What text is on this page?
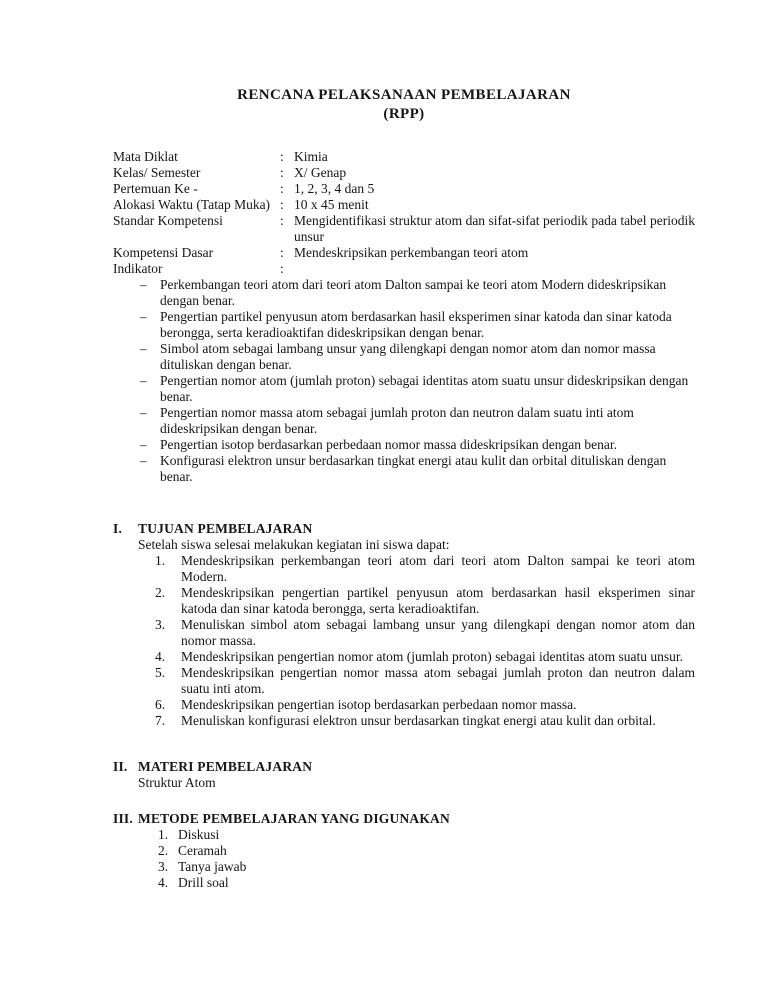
RENCANA PELAKSANAAN PEMBELAJARAN
(RPP)
Mata Diklat	: Kimia
Kelas/ Semester	: X/ Genap
Pertemuan Ke -	: 1, 2, 3, 4 dan 5
Alokasi Waktu (Tatap Muka) : 10 x 45 menit
Standar Kompetensi	: Mengidentifikasi struktur atom dan sifat-sifat periodik pada tabel periodik unsur
Kompetensi Dasar	: Mendeskripsikan perkembangan teori atom
Indikator	:
– Perkembangan teori atom dari teori atom Dalton sampai ke teori atom Modern dideskripsikan dengan benar.
– Pengertian partikel penyusun atom berdasarkan hasil eksperimen sinar katoda dan sinar katoda berongga, serta keradioaktifan dideskripsikan dengan benar.
– Simbol atom sebagai lambang unsur yang dilengkapi dengan nomor atom dan nomor massa dituliskan dengan benar.
– Pengertian nomor atom (jumlah proton) sebagai identitas atom suatu unsur dideskripsikan dengan benar.
– Pengertian nomor massa atom sebagai jumlah proton dan neutron dalam suatu inti atom dideskripsikan dengan benar.
– Pengertian isotop berdasarkan perbedaan nomor massa dideskripsikan dengan benar.
– Konfigurasi elektron unsur berdasarkan tingkat energi atau kulit dan orbital dituliskan dengan benar.
I.	TUJUAN PEMBELAJARAN
Setelah siswa selesai melakukan kegiatan ini siswa dapat:
1.	Mendeskripsikan perkembangan teori atom dari teori atom Dalton sampai ke teori atom Modern.
2.	Mendeskripsikan pengertian partikel penyusun atom berdasarkan hasil eksperimen sinar katoda dan sinar katoda berongga, serta keradioaktifan.
3.	Menuliskan simbol atom sebagai lambang unsur yang dilengkapi dengan nomor atom dan nomor massa.
4.	Mendeskripsikan pengertian nomor atom (jumlah proton) sebagai identitas atom suatu unsur.
5.	Mendeskripsikan pengertian nomor massa atom sebagai jumlah proton dan neutron dalam suatu inti atom.
6.	Mendeskripsikan pengertian isotop berdasarkan perbedaan nomor massa.
7.	Menuliskan konfigurasi elektron unsur berdasarkan tingkat energi atau kulit dan orbital.
II. MATERI PEMBELAJARAN
Struktur Atom
III. METODE PEMBELAJARAN YANG DIGUNAKAN
1. Diskusi
2. Ceramah
3. Tanya jawab
4. Drill soal
